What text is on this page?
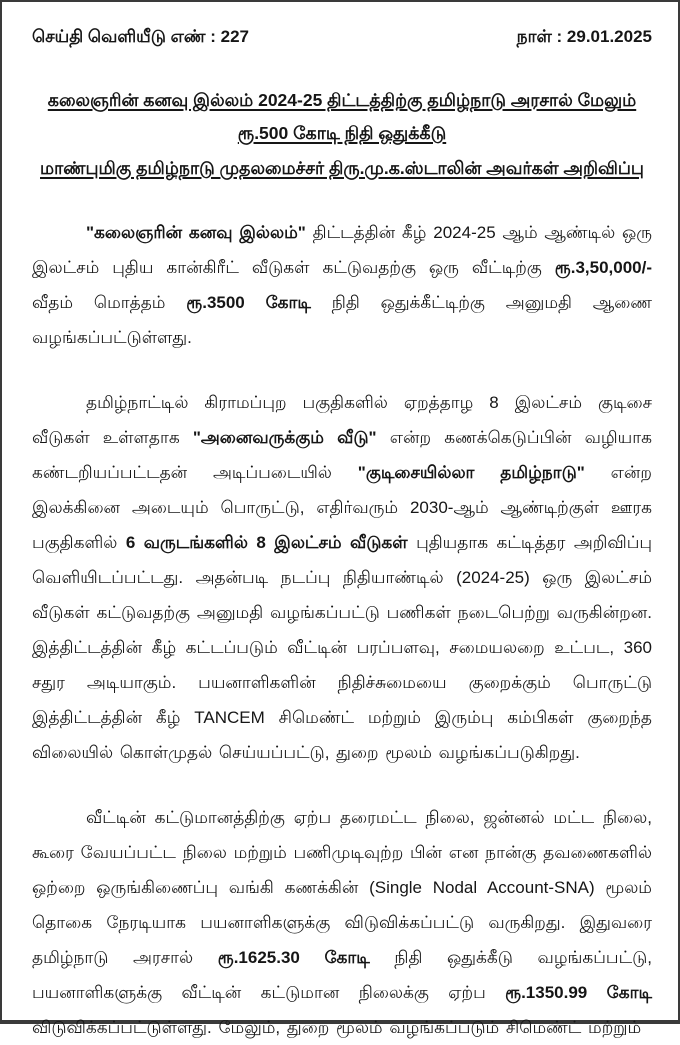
செய்தி வெளியீடு எண் : 227	நாள் : 29.01.2025
கலைஞரின் கனவு இல்லம் 2024-25 திட்டத்திற்கு தமிழ்நாடு அரசால் மேலும்
ரூ.500 கோடி நிதி ஒதுக்கீடு
மாண்புமிகு தமிழ்நாடு முதலமைச்சர் திரு.மு.க.ஸ்டாலின் அவர்கள் அறிவிப்பு

"கலைஞரின் கனவு இல்லம்" திட்டத்தின் கீழ் 2024-25 ஆம் ஆண்டில் ஒரு இலட்சம் புதிய கான்கிரீட் வீடுகள் கட்டுவதற்கு ஒரு வீட்டிற்கு ரூ.3,50,000/- வீதம் மொத்தம் ரூ.3500 கோடி நிதி ஒதுக்கீட்டிற்கு அனுமதி ஆணை வழங்கப்பட்டுள்ளது.

தமிழ்நாட்டில் கிராமப்புற பகுதிகளில் ஏறத்தாழ 8 இலட்சம் குடிசை வீடுகள் உள்ளதாக "அனைவருக்கும் வீடு" என்ற கணக்கெடுப்பின் வழியாக கண்டறியப்பட்டதன் அடிப்படையில் "குடிசையில்லா தமிழ்நாடு" என்ற இலக்கினை அடையும் பொருட்டு, எதிர்வரும் 2030-ஆம் ஆண்டிற்குள் ஊரக பகுதிகளில் 6 வருடங்களில் 8 இலட்சம் வீடுகள் புதியதாக கட்டித்தர அறிவிப்பு வெளியிடப்பட்டது. அதன்படி நடப்பு நிதியாண்டில் (2024-25) ஒரு இலட்சம் வீடுகள் கட்டுவதற்கு அனுமதி வழங்கப்பட்டு பணிகள் நடைபெற்று வருகின்றன. இத்திட்டத்தின் கீழ் கட்டப்படும் வீட்டின் பரப்பளவு, சமையலறை உட்பட, 360 சதுர அடியாகும். பயனாளிகளின் நிதிச்சுமையை குறைக்கும் பொருட்டு இத்திட்டத்தின் கீழ் TANCEM சிமெண்ட் மற்றும் இரும்பு கம்பிகள் குறைந்த விலையில் கொள்முதல் செய்யப்பட்டு, துறை மூலம் வழங்கப்படுகிறது.

வீட்டின் கட்டுமானத்திற்கு ஏற்ப தரைமட்ட நிலை, ஜன்னல் மட்ட நிலை, கூரை வேயப்பட்ட நிலை மற்றும் பணிமுடிவுற்ற பின் என நான்கு தவணைகளில் ஒற்றை ஒருங்கிணைப்பு வங்கி கணக்கின் (Single Nodal Account-SNA) மூலம் தொகை நேரடியாக பயனாளிகளுக்கு விடுவிக்கப்பட்டு வருகிறது. இதுவரை தமிழ்நாடு அரசால் ரூ.1625.30 கோடி நிதி ஒதுக்கீடு வழங்கப்பட்டு, பயனாளிகளுக்கு வீட்டின் கட்டுமான நிலைக்கு ஏற்ப ரூ.1350.99 கோடி விடுவிக்கப்பட்டுள்ளது. மேலும், துறை மூலம் வழங்கப்படும் சிமெண்ட் மற்றும்
